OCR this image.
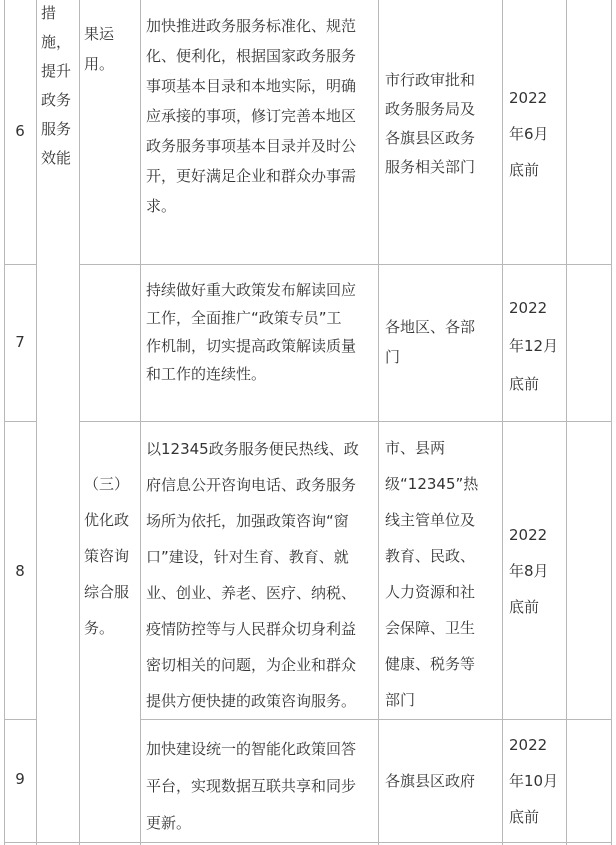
措
施，
提升
政务
服务
效能
果运
用。
（三）
优化政
策咨询
综合服
务。
6
加快推进政务服务标准化、规范
化、便利化，根据国家政务服务
事项基本目录和本地实际，明确
应承接的事项，修订完善本地区
政务服务事项基本目录并及时公
开，更好满足企业和群众办事需
求。
市行政审批和
政务服务局及
各旗县区政务
服务相关部门
2022
年6月
底前
7
持续做好重大政策发布解读回应
工作，全面推广“政策专员”工
作机制，切实提高政策解读质量
和工作的连续性。
各地区、各部
门
2022
年12月
底前
8
以12345政务服务便民热线、政
府信息公开咨询电话、政务服务
场所为依托，加强政策咨询“窗
口”建设，针对生育、教育、就
业、创业、养老、医疗、纳税、
疫情防控等与人民群众切身利益
密切相关的问题，为企业和群众
提供方便快捷的政策咨询服务。
市、县两
级“12345”热
线主管单位及
教育、民政、
人力资源和社
会保障、卫生
健康、税务等
部门
2022
年8月
底前
9
加快建设统一的智能化政策回答
平台，实现数据互联共享和同步
更新。
各旗县区政府
2022
年10月
底前
